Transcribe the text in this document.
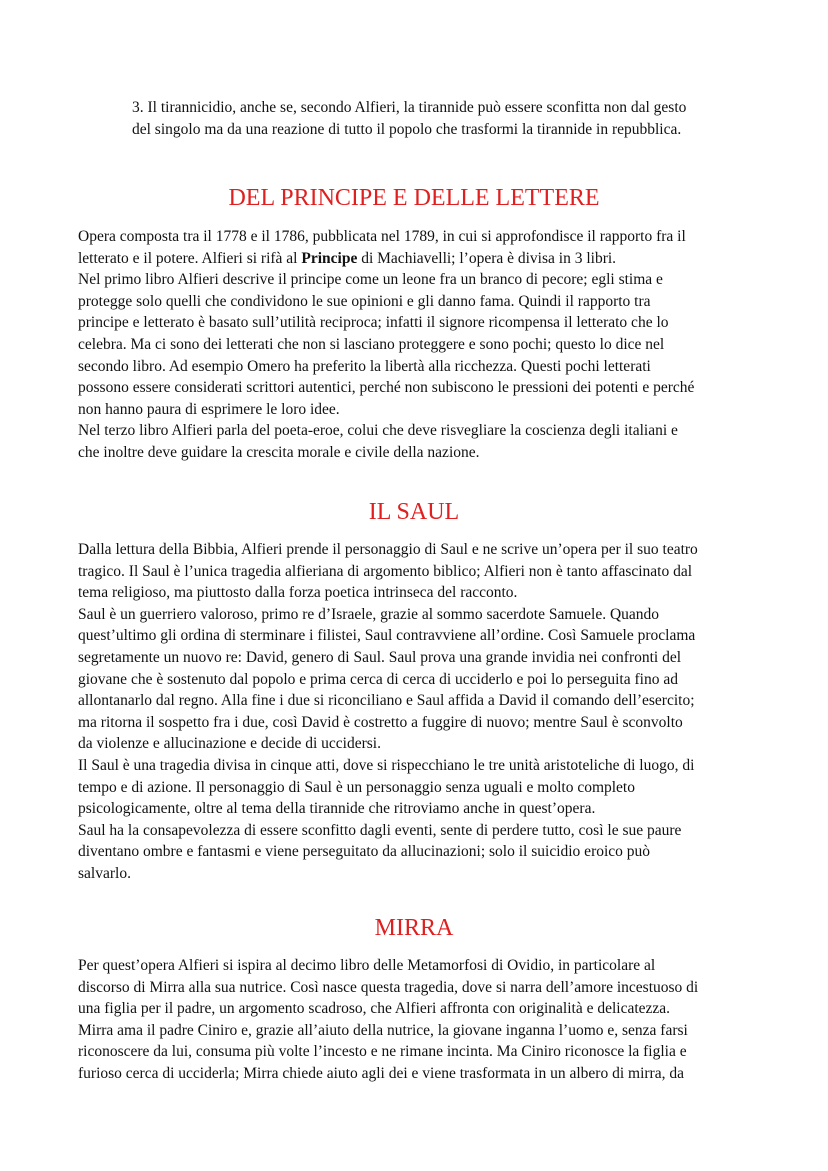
3. Il tirannicidio, anche se, secondo Alfieri, la tirannide può essere sconfitta non dal gesto
del singolo ma da una reazione di tutto il popolo che trasformi la tirannide in repubblica.
DEL PRINCIPE E DELLE LETTERE
Opera composta tra il 1778 e il 1786, pubblicata nel 1789, in cui si approfondisce il rapporto fra il
letterato e il potere. Alfieri si rifà al Principe di Machiavelli; l’opera è divisa in 3 libri.
Nel primo libro Alfieri descrive il principe come un leone fra un branco di pecore; egli stima e
protegge solo quelli che condividono le sue opinioni e gli danno fama. Quindi il rapporto tra
principe e letterato è basato sull’utilità reciproca; infatti il signore ricompensa il letterato che lo
celebra. Ma ci sono dei letterati che non si lasciano proteggere e sono pochi; questo lo dice nel
secondo libro. Ad esempio Omero ha preferito la libertà alla ricchezza. Questi pochi letterati
possono essere considerati scrittori autentici, perché non subiscono le pressioni dei potenti e perché
non hanno paura di esprimere le loro idee.
Nel terzo libro Alfieri parla del poeta-eroe, colui che deve risvegliare la coscienza degli italiani e
che inoltre deve guidare la crescita morale e civile della nazione.
IL SAUL
Dalla lettura della Bibbia, Alfieri prende il personaggio di Saul e ne scrive un’opera per il suo teatro
tragico. Il Saul è l’unica tragedia alfieriana di argomento biblico; Alfieri non è tanto affascinato dal
tema religioso, ma piuttosto dalla forza poetica intrinseca del racconto.
Saul è un guerriero valoroso, primo re d’Israele, grazie al sommo sacerdote Samuele. Quando
quest’ultimo gli ordina di sterminare i filistei, Saul contravviene all’ordine. Così Samuele proclama
segretamente un nuovo re: David, genero di Saul. Saul prova una grande invidia nei confronti del
giovane che è sostenuto dal popolo e prima cerca di cerca di ucciderlo e poi lo perseguita fino ad
allontanarlo dal regno. Alla fine i due si riconciliano e Saul affida a David il comando dell’esercito;
ma ritorna il sospetto fra i due, così David è costretto a fuggire di nuovo; mentre Saul è sconvolto
da violenze e allucinazione e decide di uccidersi.
Il Saul è una tragedia divisa in cinque atti, dove si rispecchiano le tre unità aristoteliche di luogo, di
tempo e di azione. Il personaggio di Saul è un personaggio senza uguali e molto completo
psicologicamente, oltre al tema della tirannide che ritroviamo anche in quest’opera.
Saul ha la consapevolezza di essere sconfitto dagli eventi, sente di perdere tutto, così le sue paure
diventano ombre e fantasmi e viene perseguitato da allucinazioni; solo il suicidio eroico può
salvarlo.
MIRRA
Per quest’opera Alfieri si ispira al decimo libro delle Metamorfosi di Ovidio, in particolare al
discorso di Mirra alla sua nutrice. Così nasce questa tragedia, dove si narra dell’amore incestuoso di
una figlia per il padre, un argomento scadroso, che Alfieri affronta con originalità e delicatezza.
Mirra ama il padre Ciniro e, grazie all’aiuto della nutrice, la giovane inganna l’uomo e, senza farsi
riconoscere da lui, consuma più volte l’incesto e ne rimane incinta. Ma Ciniro riconosce la figlia e
furioso cerca di ucciderla; Mirra chiede aiuto agli dei e viene trasformata in un albero di mirra, da
